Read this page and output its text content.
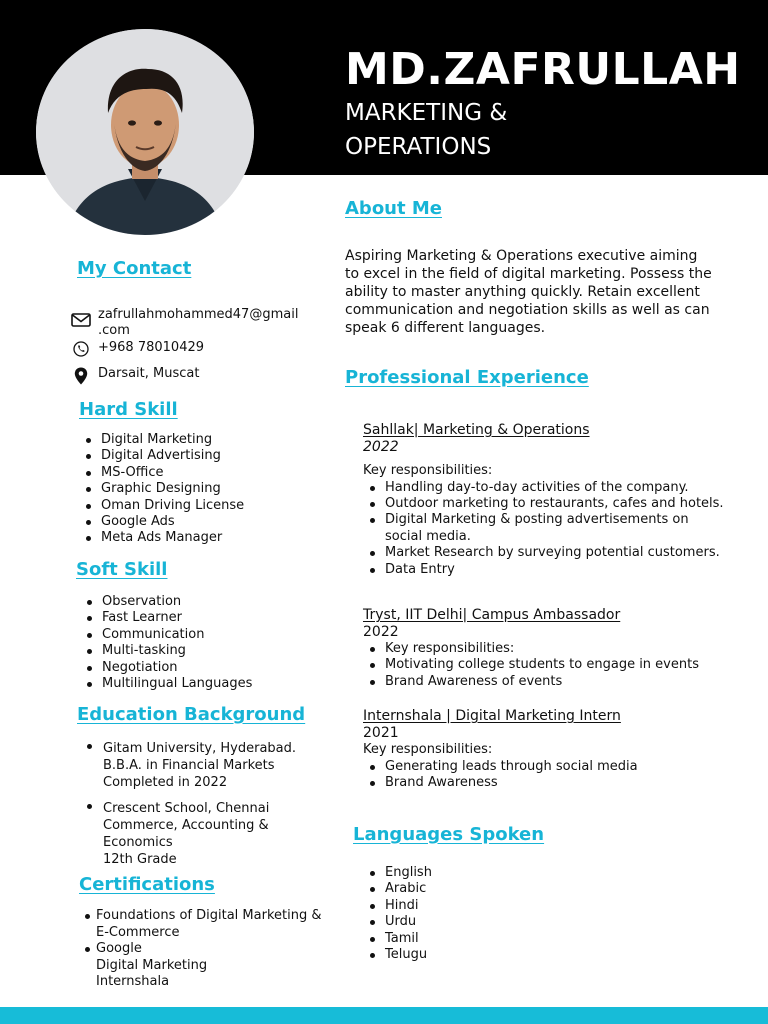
MD.ZAFRULLAH
MARKETING &
OPERATIONS
My Contact
zafrullahmohammed47@gmail
.com
+968 78010429
Darsait, Muscat
Hard Skill
Digital Marketing
Digital Advertising
MS-Office
Graphic Designing
Oman Driving License
Google Ads
Meta Ads Manager
Soft Skill
Observation
Fast Learner
Communication
Multi-tasking
Negotiation
Multilingual Languages
Education Background
Gitam University, Hyderabad.
B.B.A. in Financial Markets
Completed in 2022
Crescent School, Chennai
Commerce, Accounting &
Economics
12th Grade
Certifications
Foundations of Digital Marketing &
E-Commerce
Google
Digital Marketing
Internshala
About Me
Aspiring Marketing & Operations executive aiming to excel in the field of digital marketing. Possess the ability to master anything quickly. Retain excellent communication and negotiation skills as well as can speak 6 different languages.
Professional Experience
Sahllak| Marketing & Operations
2022
Key responsibilities:
Handling day-to-day activities of the company.
Outdoor marketing to restaurants, cafes and hotels.
Digital Marketing & posting advertisements on social media.
Market Research by surveying potential customers.
Data Entry
Tryst, IIT Delhi| Campus Ambassador
2022
Key responsibilities:
Motivating college students to engage in events
Brand Awareness of events
Internshala | Digital Marketing Intern
2021
Key responsibilities:
Generating leads through social media
Brand Awareness
Languages Spoken
English
Arabic
Hindi
Urdu
Tamil
Telugu
